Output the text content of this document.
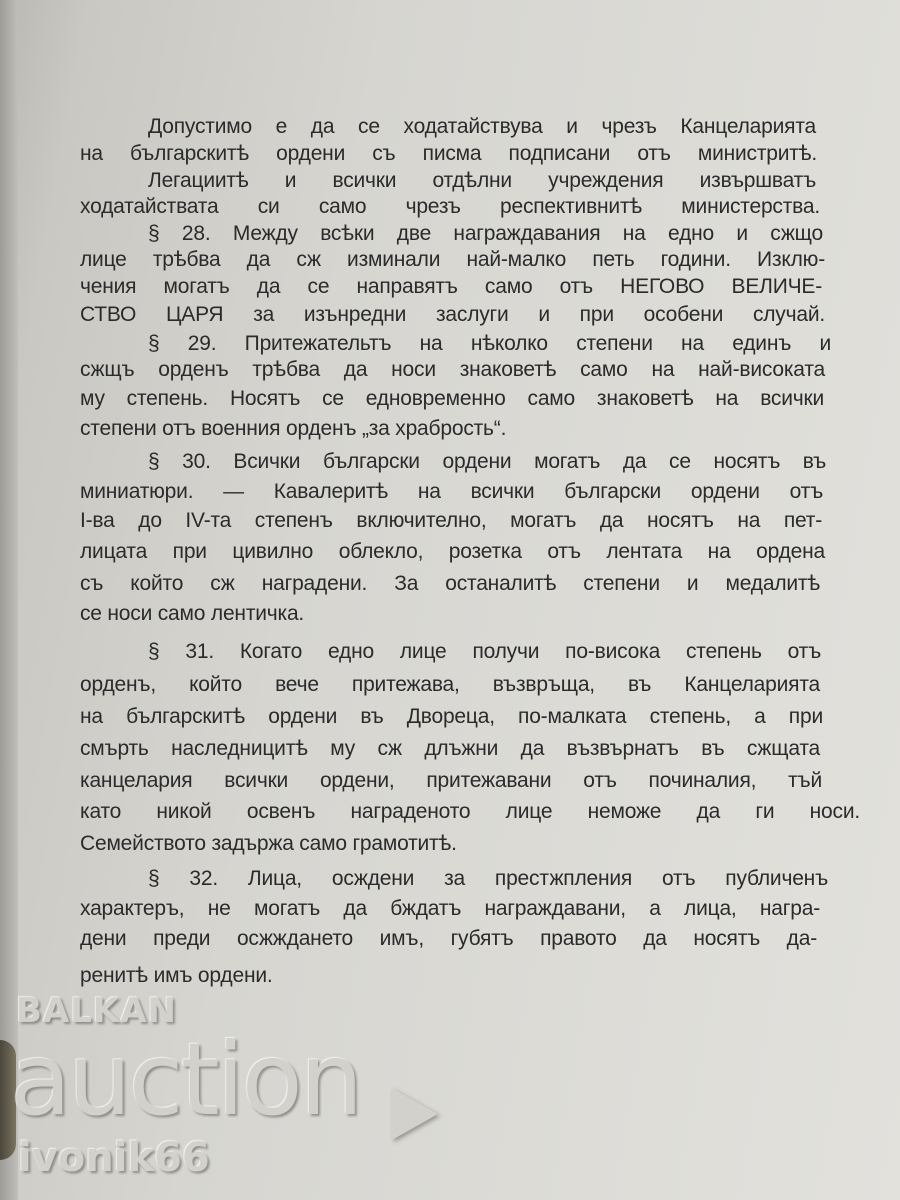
Допустимо е да се ходатайствува и чрезъ Канцеларията
на българскитѣ ордени съ писма подписани отъ министритѣ.
Легациитѣ и всички отдѣлни учреждения извършватъ
ходатайствата си само чрезъ респективнитѣ министерства.
§ 28. Между всѣки две награждавания на едно и сжщо
лице трѣбва да сж изминали най-малко петь години. Изклю-
чения могатъ да се направятъ само отъ НЕГОВО ВЕЛИЧЕ-
СТВО ЦАРЯ за изънредни заслуги и при особени случай.
§ 29. Притежательтъ на нѣколко степени на единъ и
сжщъ орденъ трѣбва да носи знаковетѣ само на най-високата
му степень. Носятъ се едновременно само знаковетѣ на всички
степени отъ военния орденъ „за храбрость“.
§ 30. Всички български ордени могатъ да се носятъ въ
миниатюри. — Кавалеритѣ на всички български ордени отъ
I-ва до IV-та степенъ включително, могатъ да носятъ на пет-
лицата при цивилно облекло, розетка отъ лентата на ордена
съ който сж наградени. За останалитѣ степени и медалитѣ
се носи само лентичка.
§ 31. Когато едно лице получи по-висока степень отъ
орденъ, който вече притежава, възвръща, въ Канцеларията
на българскитѣ ордени въ Двореца, по-малката степень, а при
смърть наследницитѣ му сж длъжни да възвърнатъ въ сжщата
канцелария всички ордени, притежавани отъ починалия, тъй
като никой освенъ наградeното лице неможе да ги носи.
Семейството задържа само грамотитѣ.
§ 32. Лица, осждени за престжпления отъ публиченъ
характеръ, не могатъ да бждатъ награждавани, а лица, награ-
дени преди осжждането имъ, губятъ правото да носятъ да-
ренитѣ имъ ордени.
BALKAN
auction
ivonik66
